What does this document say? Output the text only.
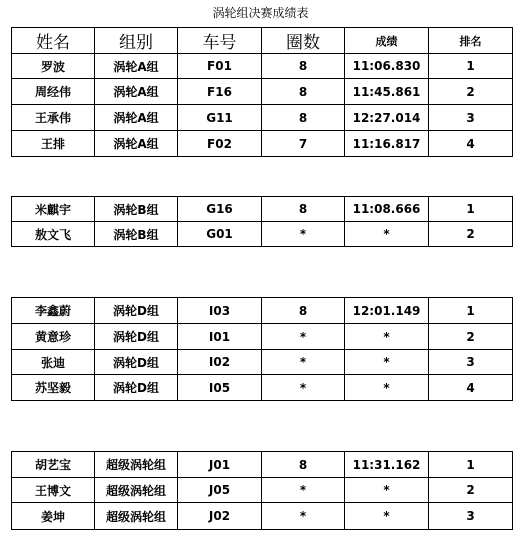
涡轮组决赛成绩表
姓名	组别	车号	圈数	成绩	排名
罗波	涡轮A组	F01	8	11:06.830	1
周经伟	涡轮A组	F16	8	11:45.861	2
王承伟	涡轮A组	G11	8	12:27.014	3
王排	涡轮A组	F02	7	11:16.817	4
米麒宇	涡轮B组	G16	8	11:08.666	1
敖文飞	涡轮B组	G01	*	*	2
李鑫蔚	涡轮D组	I03	8	12:01.149	1
黄意珍	涡轮D组	I01	*	*	2
张迪	涡轮D组	I02	*	*	3
苏坚毅	涡轮D组	I05	*	*	4
胡艺宝	超级涡轮组	J01	8	11:31.162	1
王博文	超级涡轮组	J05	*	*	2
姜坤	超级涡轮组	J02	*	*	3
